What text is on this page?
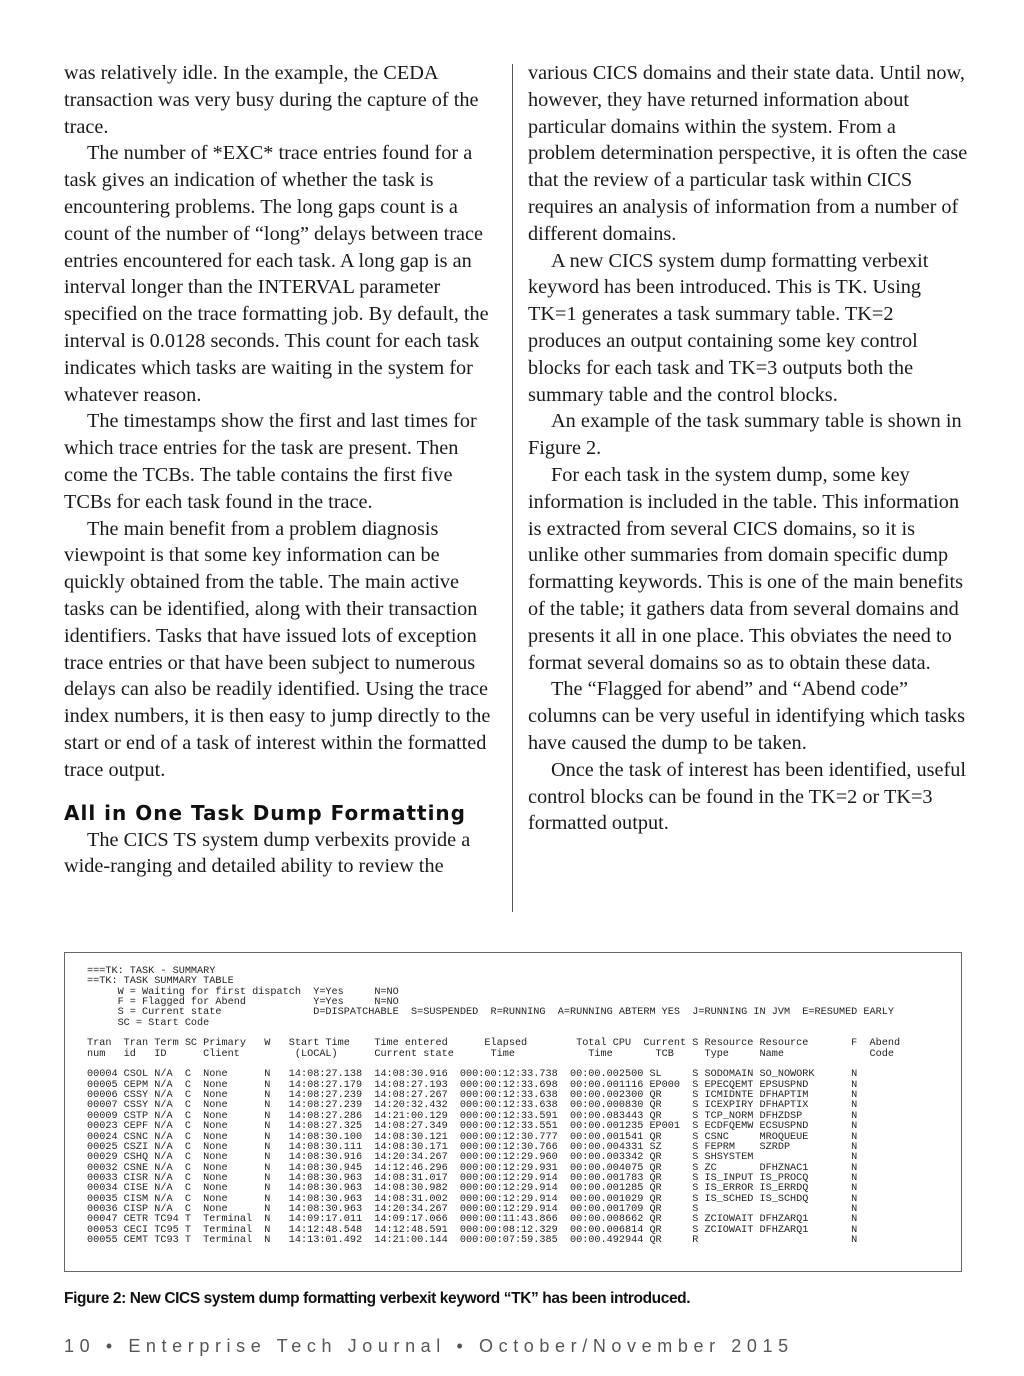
was relatively idle. In the example, the CEDA transaction was very busy during the capture of the trace.

The number of *EXC* trace entries found for a task gives an indication of whether the task is encountering problems. The long gaps count is a count of the number of “long” delays between trace entries encountered for each task. A long gap is an interval longer than the INTERVAL parameter specified on the trace formatting job. By default, the interval is 0.0128 seconds. This count for each task indicates which tasks are waiting in the system for whatever reason.

The timestamps show the first and last times for which trace entries for the task are present. Then come the TCBs. The table contains the first five TCBs for each task found in the trace.

The main benefit from a problem diagnosis viewpoint is that some key information can be quickly obtained from the table. The main active tasks can be identified, along with their transaction identifiers. Tasks that have issued lots of exception trace entries or that have been subject to numerous delays can also be readily identified. Using the trace index numbers, it is then easy to jump directly to the start or end of a task of interest within the formatted trace output.

All in One Task Dump Formatting

The CICS TS system dump verbexits provide a wide-ranging and detailed ability to review the

various CICS domains and their state data. Until now, however, they have returned information about particular domains within the system. From a problem determination perspective, it is often the case that the review of a particular task within CICS requires an analysis of information from a number of different domains.

A new CICS system dump formatting verbexit keyword has been introduced. This is TK. Using TK=1 generates a task summary table. TK=2 produces an output containing some key control blocks for each task and TK=3 outputs both the summary table and the control blocks.

An example of the task summary table is shown in Figure 2.

For each task in the system dump, some key information is included in the table. This information is extracted from several CICS domains, so it is unlike other summaries from domain specific dump formatting keywords. This is one of the main benefits of the table; it gathers data from several domains and presents it all in one place. This obviates the need to format several domains so as to obtain these data.

The “Flagged for abend” and “Abend code” columns can be very useful in identifying which tasks have caused the dump to be taken.

Once the task of interest has been identified, useful control blocks can be found in the TK=2 or TK=3 formatted output.

===TK: TASK - SUMMARY
==TK: TASK SUMMARY TABLE
W = Waiting for first dispatch  Y=Yes     N=NO
F = Flagged for Abend           Y=Yes     N=NO
S = Current state               D=DISPATCHABLE  S=SUSPENDED  R=RUNNING  A=RUNNING ABTERM YES  J=RUNNING IN JVM  E=RESUMED EARLY
SC = Start Code

Tran  Tran Term SC Primary   W   Start Time    Time entered      Elapsed        Total CPU  Current S Resource Resource       F  Abend
num   id   ID      Client         (LOCAL)      Current state      Time            Time       TCB     Type     Name              Code

00004 CSOL N/A  C  None      N   14:08:27.138  14:08:30.916  000:00:12:33.738  00:00.002500 SL     S SODOMAIN SO_NOWORK      N
00005 CEPM N/A  C  None      N   14:08:27.179  14:08:27.193  000:00:12:33.698  00:00.001116 EP000  S EPECQEMT EPSUSPND       N
00006 CSSY N/A  C  None      N   14:08:27.239  14:08:27.267  000:00:12:33.638  00:00.002300 QR     S ICMIDNTE DFHAPTIM       N
00007 CSSY N/A  C  None      N   14:08:27.239  14:20:32.432  000:00:12:33.638  00:00.000830 QR     S ICEXPIRY DFHAPTIX       N
00009 CSTP N/A  C  None      N   14:08:27.286  14:21:00.129  000:00:12:33.591  00:00.083443 QR     S TCP_NORM DFHZDSP        N
00023 CEPF N/A  C  None      N   14:08:27.325  14:08:27.349  000:00:12:33.551  00:00.001235 EP001  S ECDFQEMW ECSUSPND       N
00024 CSNC N/A  C  None      N   14:08:30.100  14:08:30.121  000:00:12:30.777  00:00.001541 QR     S CSNC     MROQUEUE       N
00025 CSZI N/A  C  None      N   14:08:30.111  14:08:30.171  000:00:12:30.766  00:00.004331 SZ     S FEPRM    SZRDP          N
00029 CSHQ N/A  C  None      N   14:08:30.916  14:20:34.267  000:00:12:29.960  00:00.003342 QR     S SHSYSTEM                N
00032 CSNE N/A  C  None      N   14:08:30.945  14:12:46.296  000:00:12:29.931  00:00.004075 QR     S ZC       DFHZNAC1       N
00033 CISR N/A  C  None      N   14:08:30.963  14:08:31.017  000:00:12:29.914  00:00.001783 QR     S IS_INPUT IS_PROCQ       N
00034 CISE N/A  C  None      N   14:08:30.963  14:08:30.982  000:00:12:29.914  00:00.001285 QR     S IS_ERROR IS_ERRDQ       N
00035 CISM N/A  C  None      N   14:08:30.963  14:08:31.002  000:00:12:29.914  00:00.001029 QR     S IS_SCHED IS_SCHDQ       N
00036 CISP N/A  C  None      N   14:08:30.963  14:20:34.267  000:00:12:29.914  00:00.001709 QR     S                         N
00047 CETR TC94 T  Terminal  N   14:09:17.011  14:09:17.066  000:00:11:43.866  00:00.008662 QR     S ZCIOWAIT DFHZARQ1       N
00053 CECI TC95 T  Terminal  N   14:12:48.548  14:12:48.591  000:00:08:12.329  00:00.006814 QR     S ZCIOWAIT DFHZARQ1       N
00055 CEMT TC93 T  Terminal  N   14:13:01.492  14:21:00.144  000:00:07:59.385  00:00.492944 QR     R                         N
Figure 2: New CICS system dump formatting verbexit keyword “TK” has been introduced.
10 • Enterprise Tech Journal • October/November 2015
